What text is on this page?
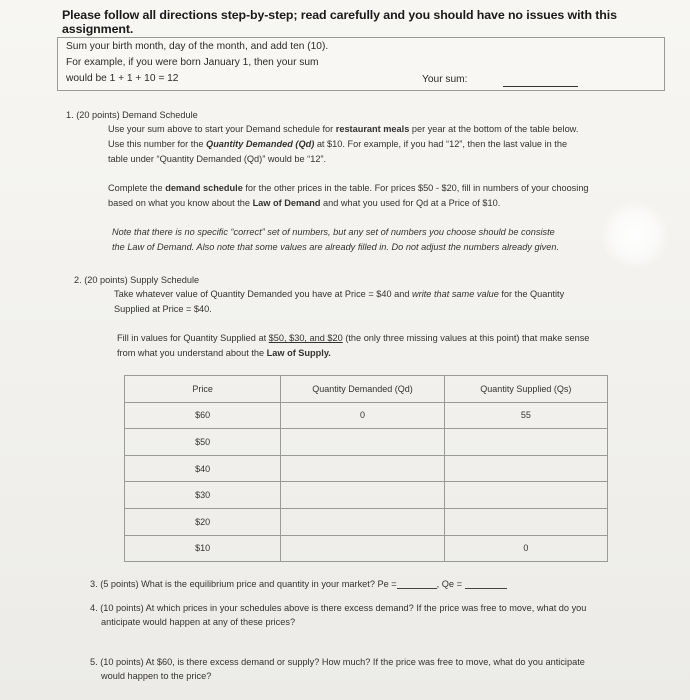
Please follow all directions step-by-step; read carefully and you should have no issues with this assignment.
Sum your birth month, day of the month, and add ten (10).
For example, if you were born January 1, then your sum
would be 1 + 1 + 10 = 12	Your sum:
1. (20 points) Demand Schedule
Use your sum above to start your Demand schedule for restaurant meals per year at the bottom of the table below.
Use this number for the Quantity Demanded (Qd) at $10. For example, if you had “12”, then the last value in the
table under “Quantity Demanded (Qd)” would be “12”.
Complete the demand schedule for the other prices in the table. For prices $50 - $20, fill in numbers of your choosing
based on what you know about the Law of Demand and what you used for Qd at a Price of $10.
Note that there is no specific “correct” set of numbers, but any set of numbers you choose should be consiste
the Law of Demand. Also note that some values are already filled in. Do not adjust the numbers already given.
2. (20 points) Supply Schedule
Take whatever value of Quantity Demanded you have at Price = $40 and write that same value for the Quantity
Supplied at Price = $40.
Fill in values for Quantity Supplied at $50, $30, and $20 (the only three missing values at this point) that make sense
from what you understand about the Law of Supply.
Price	Quantity Demanded (Qd)	Quantity Supplied (Qs)
$60	0	55
$50		
$40		
$30		
$20		
$10		0
3. (5 points) What is the equilibrium price and quantity in your market? Pe =	, Qe =
4. (10 points) At which prices in your schedules above is there excess demand? If the price was free to move, what do you
anticipate would happen at any of these prices?
5. (10 points) At $60, is there excess demand or supply? How much? If the price was free to move, what do you anticipate
would happen to the price?
